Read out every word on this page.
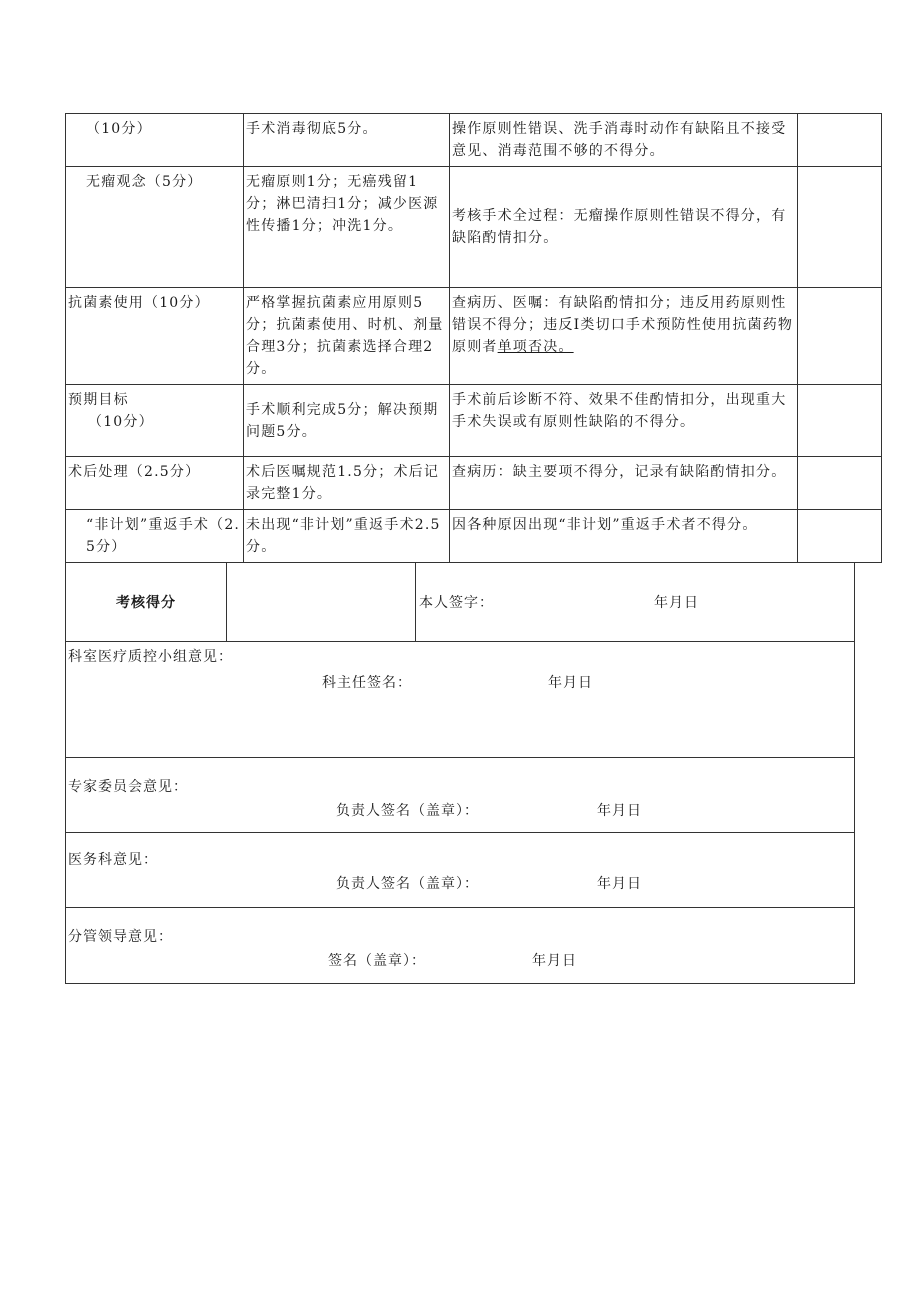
（10分）	手术消毒彻底5分。	操作原则性错误、洗手消毒时动作有缺陷且不接受意见、消毒范围不够的不得分。	
无瘤观念（5分）	无瘤原则1分；无癌残留1分；淋巴清扫1分；减少医源性传播1分；冲洗1分。	考核手术全过程：无瘤操作原则性错误不得分，有缺陷酌情扣分。	
抗菌素使用（10分）	严格掌握抗菌素应用原则5分；抗菌素使用、时机、剂量合理3分；抗菌素选择合理2分。	查病历、医嘱：有缺陷酌情扣分；违反用药原则性错误不得分；违反I类切口手术预防性使用抗菌药物原则者单项否决。	

预期目标
（10分）	手术顺利完成5分；解决预期问题5分。	手术前后诊断不符、效果不佳酌情扣分，出现重大手术失误或有原则性缺陷的不得分。	
术后处理（2.5分）	术后医嘱规范1.5分；术后记录完整1分。	查病历：缺主要项不得分，记录有缺陷酌情扣分。	
“非计划”重返手术（2.5分）	未出现“非计划”重返手术2.5分。	因各种原因出现“非计划”重返手术者不得分。	
考核得分		本人签字：	年月日
科室医疗质控小组意见：
科主任签名：	年月日
专家委员会意见：
负责人签名（盖章）：	年月日
医务科意见：
负责人签名（盖章）：	年月日
分管领导意见：
签名（盖章）：	年月日
